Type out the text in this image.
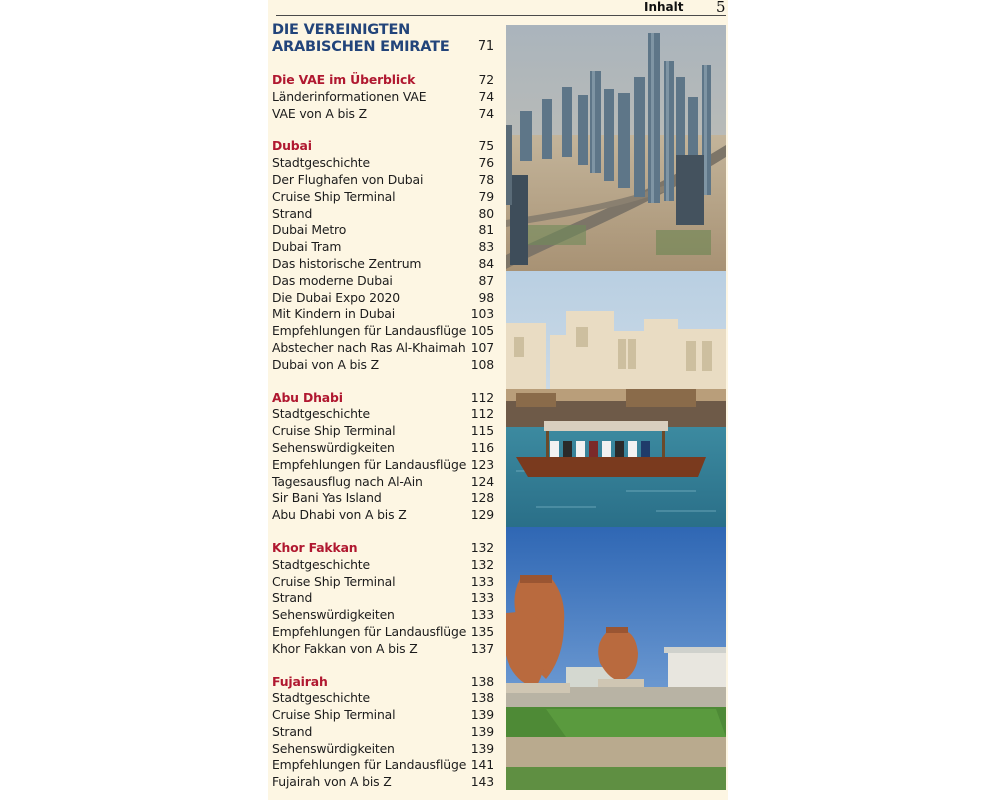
Inhalt 5
DIE VEREINIGTEN
ARABISCHEN EMIRATE	71
Die VAE im Überblick	72
Länderinformationen VAE	74
VAE von A bis Z	74
Dubai	75
Stadtgeschichte	76
Der Flughafen von Dubai	78
Cruise Ship Terminal	79
Strand	80
Dubai Metro	81
Dubai Tram	83
Das historische Zentrum	84
Das moderne Dubai	87
Die Dubai Expo 2020	98
Mit Kindern in Dubai	103
Empfehlungen für Landausflüge 105
Abstecher nach Ras Al-Khaimah 107
Dubai von A bis Z	108
Abu Dhabi	112
Stadtgeschichte	112
Cruise Ship Terminal	115
Sehenswürdigkeiten	116
Empfehlungen für Landausflüge 123
Tagesausflug nach Al-Ain	124
Sir Bani Yas Island	128
Abu Dhabi von A bis Z	129
Khor Fakkan	132
Stadtgeschichte	132
Cruise Ship Terminal	133
Strand	133
Sehenswürdigkeiten	133
Empfehlungen für Landausflüge 135
Khor Fakkan von A bis Z	137
Fujairah	138
Stadtgeschichte	138
Cruise Ship Terminal	139
Strand	139
Sehenswürdigkeiten	139
Empfehlungen für Landausflüge 141
Fujairah von A bis Z	143
